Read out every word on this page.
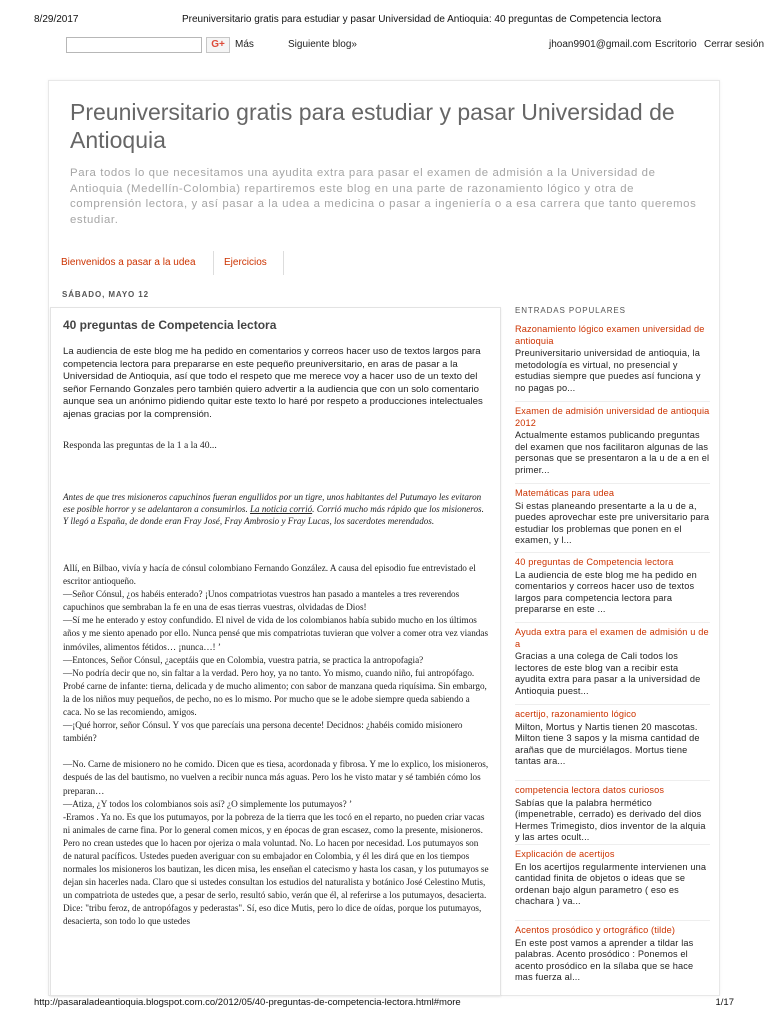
8/29/2017	Preuniversitario gratis para estudiar y pasar Universidad de Antioquia: 40 preguntas de Competencia lectora
G+	Más	Siguiente blog»	jhoan9901@gmail.com Escritorio Cerrar sesión
Preuniversitario gratis para estudiar y pasar Universidad de Antioquia
Para todos lo que necesitamos una ayudita extra para pasar el examen de admisión a la Universidad de Antioquia (Medellín-Colombia) repartiremos este blog en una parte de razonamiento lógico y otra de comprensión lectora, y así pasar a la udea a medicina o pasar a ingeniería o a esa carrera que tanto queremos estudiar.
Bienvenidos a pasar a la udea	Ejercicios
SÁBADO, MAYO 12
40 preguntas de Competencia lectora
La audiencia de este blog me ha pedido en comentarios y correos hacer uso de textos largos para competencia lectora para prepararse en este pequeño preuniversitario, en aras de pasar a la Universidad de Antioquia, así que todo el respeto que me merece voy a hacer uso de un texto del señor Fernando Gonzales pero también quiero advertir a la audiencia que con un solo comentario aunque sea un anónimo pidiendo quitar este texto lo haré por respeto a producciones intelectuales ajenas gracias por la comprensión.
Responda las preguntas de la 1 a la 40...
Antes de que tres misioneros capuchinos fueran engullidos por un tigre, unos habitantes del Putumayo les evitaron ese posible horror y se adelantaron a consumirlos. La noticia corrió. Corrió mucho más rápido que los misioneros. Y llegó a España, de donde eran Fray José, Fray Ambrosio y Fray Lucas, los sacerdotes merendados.

Allí, en Bilbao, vivía y hacía de cónsul colombiano Fernando González. A causa del episodio fue entrevistado el escritor antioqueño.

—Señor Cónsul, ¿os habéis enterado? ¡Unos compatriotas vuestros han pasado a manteles a tres reverendos capuchinos que sembraban la fe en una de esas tierras vuestras, olvidadas de Dios!

—Sí me he enterado y estoy confundido. El nivel de vida de los colombianos había subido mucho en los últimos años y me siento apenado por ello. Nunca pensé que mis compatriotas tuvieran que volver a comer otra vez viandas inmóviles, alimentos fétidos… ¡nunca…! ’

—Entonces, Señor Cónsul, ¿aceptáis que en Colombia, vuestra patria, se practica la antropofagia?

—No podría decir que no, sin faltar a la verdad. Pero hoy, ya no tanto. Yo mismo, cuando niño, fui antropófago. Probé carne de infante: tierna, delicada y de mucho alimento; con sabor de manzana queda riquísima. Sin embargo, la de los niños muy pequeños, de pecho, no es lo mismo. Por mucho que se le adobe siempre queda sabiendo a caca. No se las recomiendo, amigos.

—¡Qué horror, señor Cónsul. Y vos que parecíais una persona decente! Decidnos: ¿habéis comido misionero también?

—No. Carne de misionero no he comido. Dicen que es tiesa, acordonada y fibrosa. Y me lo explico, los misioneros, después de las del bautismo, no vuelven a recibir nunca más aguas. Pero los he visto matar y sé también cómo los preparan…

—Atiza, ¿Y todos los colombianos sois así? ¿O simplemente los putumayos? ’

-Eramos . Ya no. Es que los putumayos, por la pobreza de la tierra que les tocó en el reparto, no pueden criar vacas ni animales de carne fina. Por lo general comen micos, y en épocas de gran escasez, como la presente, misioneros. Pero no crean ustedes que lo hacen por ojeriza o mala voluntad. No. Lo hacen por necesidad. Los putumayos son de natural pacíficos. Ustedes pueden averiguar con su embajador en Colombia, y él les dirá que en los tiempos normales los misioneros los bautizan, les dicen misa, les enseñan el catecismo y hasta los casan, y los putumayos se dejan sin hacerles nada. Claro que si ustedes consultan los estudios del naturalista y botánico José Celestino Mutis, un compatriota de ustedes que, a pesar de serlo, resultó sabio, verán que él, al referirse a los putumayos, desacierta. Dice: "tribu feroz, de antropófagos y pederastas". Sí, eso dice Mutis, pero lo dice de oídas, porque los putumayos, desacierta, son todo lo que ustedes

ENTRADAS POPULARES
Razonamiento lógico examen universidad de antioquia
Preuniversitario universidad de antioquia, la metodología es virtual, no presencial y estudias siempre que puedes así funciona y no pagas po...
Examen de admisión universidad de antioquia 2012
Actualmente estamos publicando preguntas del examen que nos facilitaron algunas de las personas que se presentaron a la u de a en el primer...
Matemáticas para udea
Si estas planeando presentarte a la u de a, puedes aprovechar este pre universitario para estudiar los problemas que ponen en el examen, y l...
40 preguntas de Competencia lectora
La audiencia de este blog me ha pedido en comentarios y correos hacer uso de textos largos para competencia lectora para prepararse en este ...
Ayuda extra para el examen de admisión u de a
Gracias a una colega de Cali todos los lectores de este blog van a recibir esta ayudita extra para pasar a la universidad de Antioquia puest...
acertijo, razonamiento lógico
Milton, Mortus y Nartis tienen 20 mascotas. Milton tiene 3 sapos y la misma cantidad de arañas que de murciélagos. Mortus tiene tantas ara...
competencia lectora datos curiosos
Sabías que la palabra hermético (impenetrable, cerrado) es derivado del dios Hermes Trimegisto, dios inventor de la alquia y las artes ocult...
Explicación de acertijos
En los acertijos regularmente intervienen una cantidad finita de objetos o ideas que se ordenan bajo algun parametro ( eso es chachara ) va...
Acentos prosódico y ortográfico (tilde)
En este post vamos a aprender a tildar las palabras. Acento prosódico : Ponemos el acento prosódico en la sílaba que se hace mas fuerza al...
http://pasaraladeantioquia.blogspot.com.co/2012/05/40-preguntas-de-competencia-lectora.html#more	1/17
